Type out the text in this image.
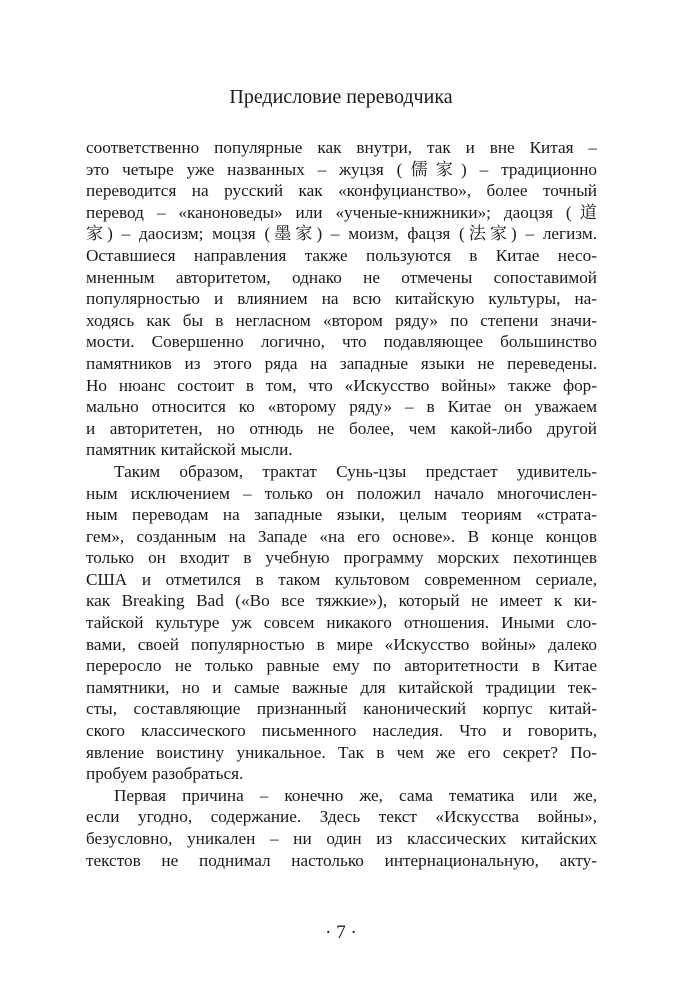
Предисловие переводчика
соответственно популярные как внутри, так и вне Китая –
это четыре уже названных – жуцзя (儒家) – традиционно
переводится на русский как «конфуцианство», более точный
перевод – «каноноведы» или «ученые-книжники»; даоцзя (道
家) – даосизм; моцзя (墨家) – моизм, фацзя (法家) – легизм.
Оставшиеся направления также пользуются в Китае несо-
мненным авторитетом, однако не отмечены сопоставимой
популярностью и влиянием на всю китайскую культуры, на-
ходясь как бы в негласном «втором ряду» по степени значи-
мости. Совершенно логично, что подавляющее большинство
памятников из этого ряда на западные языки не переведены.
Но нюанс состоит в том, что «Искусство войны» также фор-
мально относится ко «второму ряду» – в Китае он уважаем
и авторитетен, но отнюдь не более, чем какой-либо другой
памятник китайской мысли.
Таким образом, трактат Сунь-цзы предстает удивитель-
ным исключением – только он положил начало многочислен-
ным переводам на западные языки, целым теориям «страта-
гем», созданным на Западе «на его основе». В конце концов
только он входит в учебную программу морских пехотинцев
США и отметился в таком культовом современном сериале,
как Breaking Bad («Во все тяжкие»), который не имеет к ки-
тайской культуре уж совсем никакого отношения. Иными сло-
вами, своей популярностью в мире «Искусство войны» далеко
переросло не только равные ему по авторитетности в Китае
памятники, но и самые важные для китайской традиции тек-
сты, составляющие признанный канонический корпус китай-
ского классического письменного наследия. Что и говорить,
явление воистину уникальное. Так в чем же его секрет? По-
пробуем разобраться.
Первая причина – конечно же, сама тематика или же,
если угодно, содержание. Здесь текст «Искусства войны»,
безусловно, уникален – ни один из классических китайских
текстов не поднимал настолько интернациональную, акту-
· 7 ·
